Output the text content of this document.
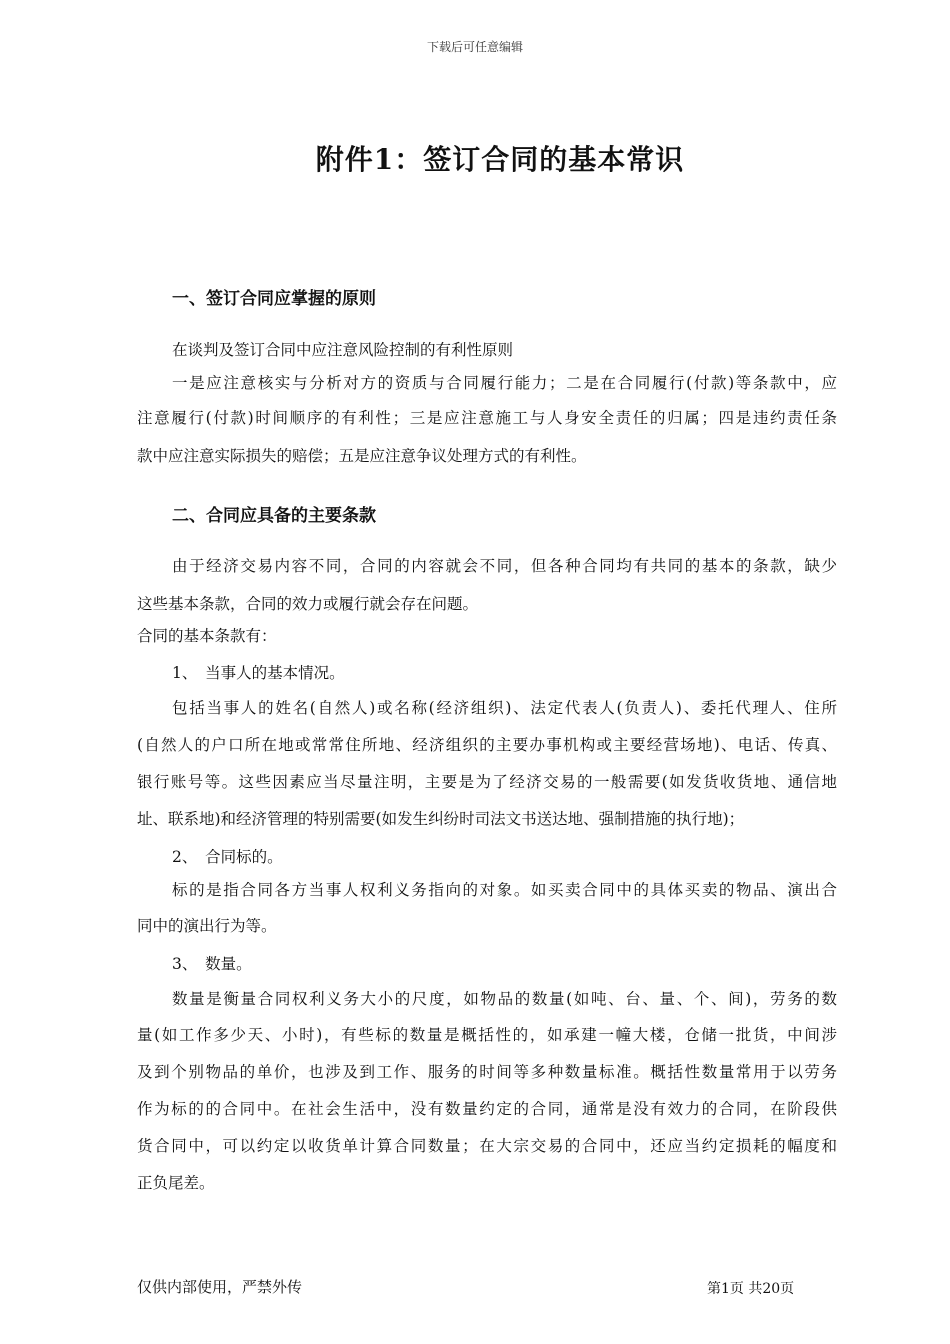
下载后可任意编辑

附件1：签订合同的基本常识
一、签订合同应掌握的原则

在谈判及签订合同中应注意风险控制的有利性原则

一是应注意核实与分析对方的资质与合同履行能力；二是在合同履行(付款)等条款中，应

注意履行(付款)时间顺序的有利性；三是应注意施工与人身安全责任的归属；四是违约责任条

款中应注意实际损失的赔偿；五是应注意争议处理方式的有利性。

二、合同应具备的主要条款

由于经济交易内容不同，合同的内容就会不同，但各种合同均有共同的基本的条款，缺少

这些基本条款，合同的效力或履行就会存在问题。

合同的基本条款有：

1、　当事人的基本情况。

包括当事人的姓名(自然人)或名称(经济组织)、法定代表人(负责人)、委托代理人、住所

(自然人的户口所在地或常常住所地、经济组织的主要办事机构或主要经营场地)、电话、传真、

银行账号等。这些因素应当尽量注明，主要是为了经济交易的一般需要(如发货收货地、通信地

址、联系地)和经济管理的特别需要(如发生纠纷时司法文书送达地、强制措施的执行地)；

2、　合同标的。

标的是指合同各方当事人权利义务指向的对象。如买卖合同中的具体买卖的物品、演出合

同中的演出行为等。

3、　数量。

数量是衡量合同权利义务大小的尺度，如物品的数量(如吨、台、量、个、间)，劳务的数

量(如工作多少天、小时)，有些标的数量是概括性的，如承建一幢大楼，仓储一批货，中间涉

及到个别物品的单价，也涉及到工作、服务的时间等多种数量标准。概括性数量常用于以劳务

作为标的的合同中。在社会生活中，没有数量约定的合同，通常是没有效力的合同，在阶段供

货合同中，可以约定以收货单计算合同数量；在大宗交易的合同中，还应当约定损耗的幅度和

正负尾差。

仅供内部使用，严禁外传	第1页 共20页
